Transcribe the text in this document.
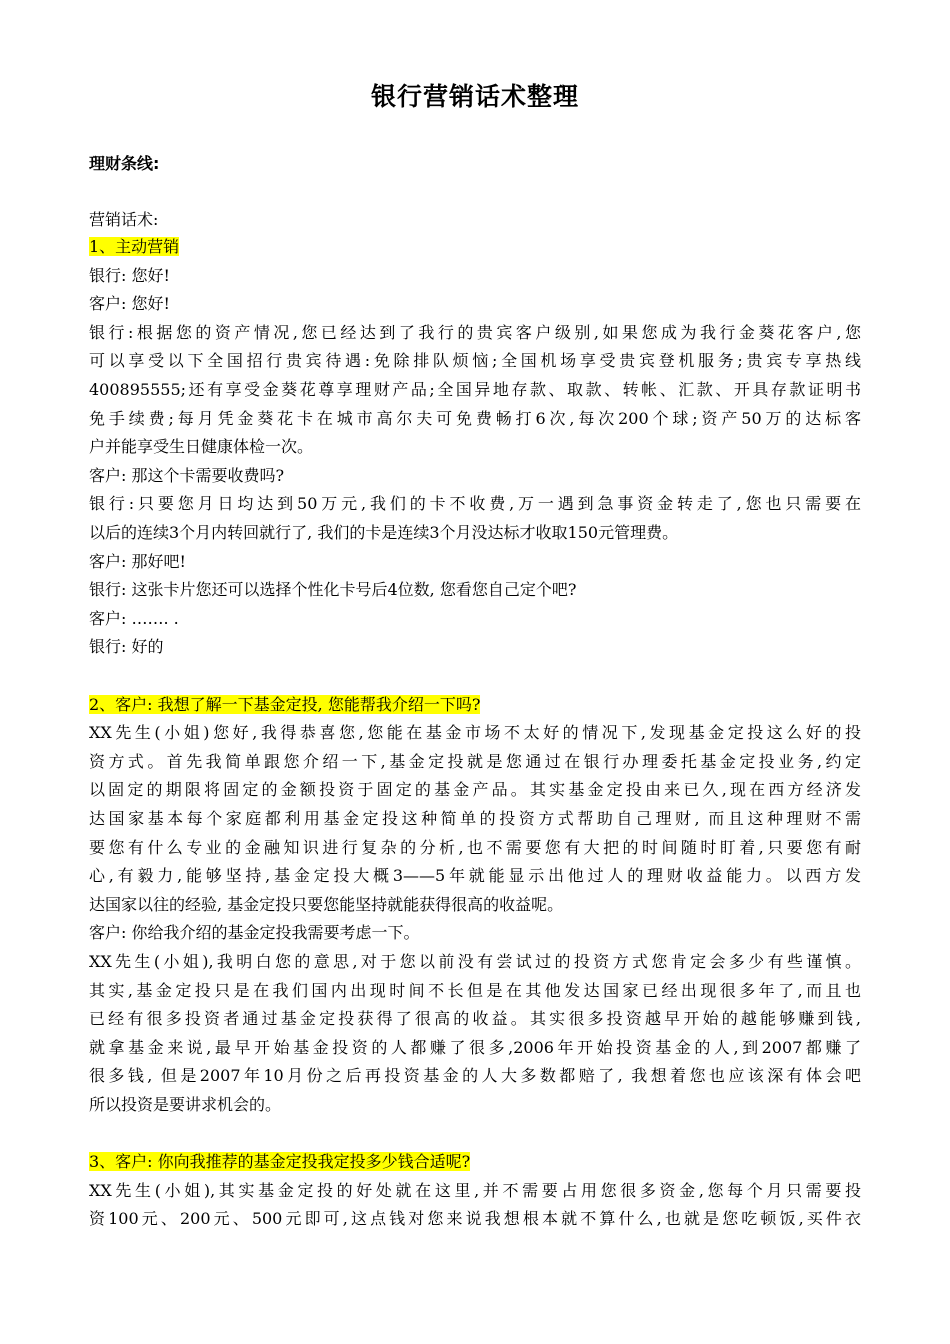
银行营销话术整理
理财条线:
营销话术:
1、主动营销
银行: 您好!
客户: 您好!
银行:根据您的资产情况,您已经达到了我行的贵宾客户级别,如果您成为我行金葵花客户,您
可以享受以下全国招行贵宾待遇:免除排队烦恼;全国机场享受贵宾登机服务;贵宾专享热线
400895555;还有享受金葵花尊享理财产品;全国异地存款、取款、转帐、汇款、开具存款证明书
免手续费;每月凭金葵花卡在城市高尔夫可免费畅打6次,每次200个球;资产50万的达标客
户并能享受生日健康体检一次。
客户: 那这个卡需要收费吗?
银行:只要您月日均达到50万元,我们的卡不收费,万一遇到急事资金转走了,您也只需要在
以后的连续3个月内转回就行了, 我们的卡是连续3个月没达标才收取150元管理费。
客户: 那好吧!
银行: 这张卡片您还可以选择个性化卡号后4位数, 您看您自己定个吧?
客户: ……. .
银行: 好的
2、客户: 我想了解一下基金定投, 您能帮我介绍一下吗?
XX先生(小姐)您好,我得恭喜您,您能在基金市场不太好的情况下,发现基金定投这么好的投
资方式。首先我简单跟您介绍一下,基金定投就是您通过在银行办理委托基金定投业务,约定
以固定的期限将固定的金额投资于固定的基金产品。其实基金定投由来已久,现在西方经济发
达国家基本每个家庭都利用基金定投这种简单的投资方式帮助自己理财, 而且这种理财不需
要您有什么专业的金融知识进行复杂的分析,也不需要您有大把的时间随时盯着,只要您有耐
心,有毅力,能够坚持,基金定投大概3——5年就能显示出他过人的理财收益能力。以西方发
达国家以往的经验, 基金定投只要您能坚持就能获得很高的收益呢。
客户: 你给我介绍的基金定投我需要考虑一下。
XX先生(小姐),我明白您的意思,对于您以前没有尝试过的投资方式您肯定会多少有些谨慎。
其实,基金定投只是在我们国内出现时间不长但是在其他发达国家已经出现很多年了,而且也
已经有很多投资者通过基金定投获得了很高的收益。其实很多投资越早开始的越能够赚到钱,
就拿基金来说,最早开始基金投资的人都赚了很多,2006年开始投资基金的人,到2007都赚了
很多钱, 但是2007年10月份之后再投资基金的人大多数都赔了, 我想着您也应该深有体会吧
所以投资是要讲求机会的。
3、客户: 你向我推荐的基金定投我定投多少钱合适呢?
XX先生(小姐),其实基金定投的好处就在这里,并不需要占用您很多资金,您每个月只需要投
资100元、200元、500元即可,这点钱对您来说我想根本就不算什么,也就是您吃顿饭,买件衣
